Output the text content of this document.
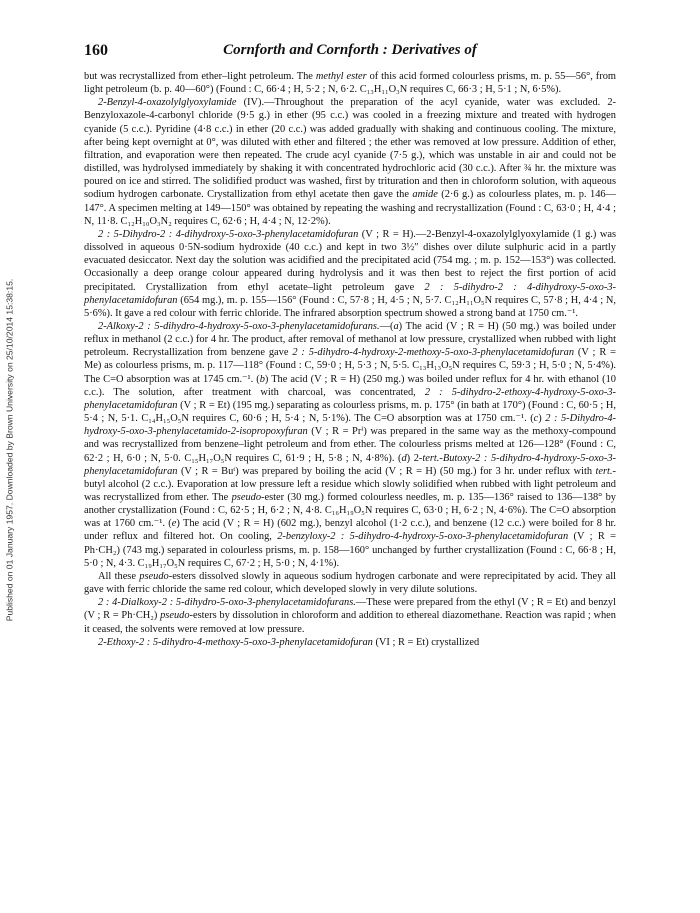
Published on 01 January 1957. Downloaded by Brown University on 25/10/2014 15:38:15.
160	Cornforth and Cornforth : Derivatives of

but was recrystallized from ether–light petroleum. The methyl ester of this acid formed colourless prisms, m. p. 55—56°, from light petroleum (b. p. 40—60°) (Found : C, 66·4 ; H, 5·2 ; N, 6·2. C₁₃H₁₁O₃N requires C, 66·3 ; H, 5·1 ; N, 6·5%).

2-Benzyl-4-oxazolylglyoxylamide (IV).—Throughout the preparation of the acyl cyanide, water was excluded. 2-Benzyloxazole-4-carbonyl chloride (9·5 g.) in ether (95 c.c.) was cooled in a freezing mixture and treated with hydrogen cyanide (5 c.c.). Pyridine (4·8 c.c.) in ether (20 c.c.) was added gradually with shaking and continuous cooling. The mixture, after being kept overnight at 0°, was diluted with ether and filtered ; the ether was removed at low pressure. Addition of ether, filtration, and evaporation were then repeated. The crude acyl cyanide (7·5 g.), which was unstable in air and could not be distilled, was hydrolysed immediately by shaking it with concentrated hydrochloric acid (30 c.c.). After ¾ hr. the mixture was poured on ice and stirred. The solidified product was washed, first by trituration and then in chloroform solution, with aqueous sodium hydrogen carbonate. Crystallization from ethyl acetate then gave the amide (2·6 g.) as colourless plates, m. p. 146—147°. A specimen melting at 149—150° was obtained by repeating the washing and recrystallization (Found : C, 63·0 ; H, 4·4 ; N, 11·8. C₁₂H₁₀O₃N₂ requires C, 62·6 ; H, 4·4 ; N, 12·2%).

2 : 5-Dihydro-2 : 4-dihydroxy-5-oxo-3-phenylacetamidofuran (V ; R = H).—2-Benzyl-4-oxazolylglyoxylamide (1 g.) was dissolved in aqueous 0·5N-sodium hydroxide (40 c.c.) and kept in two 3½″ dishes over dilute sulphuric acid in a partly evacuated desiccator. Next day the solution was acidified and the precipitated acid (754 mg. ; m. p. 152—153°) was collected. Occasionally a deep orange colour appeared during hydrolysis and it was then best to reject the first portion of acid precipitated. Crystallization from ethyl acetate–light petroleum gave 2 : 5-dihydro-2 : 4-dihydroxy-5-oxo-3-phenylacetamidofuran (654 mg.), m. p. 155—156° (Found : C, 57·8 ; H, 4·5 ; N, 5·7. C₁₂H₁₁O₅N requires C, 57·8 ; H, 4·4 ; N, 5·6%). It gave a red colour with ferric chloride. The infrared absorption spectrum showed a strong band at 1750 cm.⁻¹.

2-Alkoxy-2 : 5-dihydro-4-hydroxy-5-oxo-3-phenylacetamidofurans.—(a) The acid (V ; R = H) (50 mg.) was boiled under reflux in methanol (2 c.c.) for 4 hr. The product, after removal of methanol at low pressure, crystallized when rubbed with light petroleum. Recrystallization from benzene gave 2 : 5-dihydro-4-hydroxy-2-methoxy-5-oxo-3-phenylacetamidofuran (V ; R = Me) as colourless prisms, m. p. 117—118° (Found : C, 59·0 ; H, 5·3 ; N, 5·5. C₁₃H₁₃O₅N requires C, 59·3 ; H, 5·0 ; N, 5·4%). The C=O absorption was at 1745 cm.⁻¹. (b) The acid (V ; R = H) (250 mg.) was boiled under reflux for 4 hr. with ethanol (10 c.c.). The solution, after treatment with charcoal, was concentrated, 2 : 5-dihydro-2-ethoxy-4-hydroxy-5-oxo-3-phenylacetamidofuran (V ; R = Et) (195 mg.) separating as colourless prisms, m. p. 175° (in bath at 170°) (Found : C, 60·5 ; H, 5·4 ; N, 5·1. C₁₄H₁₅O₅N requires C, 60·6 ; H, 5·4 ; N, 5·1%). The C=O absorption was at 1750 cm.⁻¹. (c) 2 : 5-Dihydro-4-hydroxy-5-oxo-3-phenylacetamido-2-isopropoxyfuran (V ; R = Prⁱ) was prepared in the same way as the methoxy-compound and was recrystallized from benzene–light petroleum and from ether. The colourless prisms melted at 126—128° (Found : C, 62·2 ; H, 6·0 ; N, 5·0. C₁₅H₁₇O₅N requires C, 61·9 ; H, 5·8 ; N, 4·8%). (d) 2-tert.-Butoxy-2 : 5-dihydro-4-hydroxy-5-oxo-3-phenylacetamidofuran (V ; R = Buᵗ) was prepared by boiling the acid (V ; R = H) (50 mg.) for 3 hr. under reflux with tert.-butyl alcohol (2 c.c.). Evaporation at low pressure left a residue which slowly solidified when rubbed with light petroleum and was recrystallized from ether. The pseudo-ester (30 mg.) formed colourless needles, m. p. 135—136° raised to 136—138° by another crystallization (Found : C, 62·5 ; H, 6·2 ; N, 4·8. C₁₆H₁₉O₅N requires C, 63·0 ; H, 6·2 ; N, 4·6%). The C=O absorption was at 1760 cm.⁻¹. (e) The acid (V ; R = H) (602 mg.), benzyl alcohol (1·2 c.c.), and benzene (12 c.c.) were boiled for 8 hr. under reflux and filtered hot. On cooling, 2-benzyloxy-2 : 5-dihydro-4-hydroxy-5-oxo-3-phenylacetamidofuran (V ; R = Ph·CH₂) (743 mg.) separated in colourless prisms, m. p. 158—160° unchanged by further crystallization (Found : C, 66·8 ; H, 5·0 ; N, 4·3. C₁₉H₁₇O₅N requires C, 67·2 ; H, 5·0 ; N, 4·1%).

All these pseudo-esters dissolved slowly in aqueous sodium hydrogen carbonate and were reprecipitated by acid. They all gave with ferric chloride the same red colour, which developed slowly in very dilute solutions.

2 : 4-Dialkoxy-2 : 5-dihydro-5-oxo-3-phenylacetamidofurans.—These were prepared from the ethyl (V ; R = Et) and benzyl (V ; R = Ph·CH₂) pseudo-esters by dissolution in chloroform and addition to ethereal diazomethane. Reaction was rapid ; when it ceased, the solvents were removed at low pressure.

2-Ethoxy-2 : 5-dihydro-4-methoxy-5-oxo-3-phenylacetamidofuran (VI ; R = Et) crystallized
